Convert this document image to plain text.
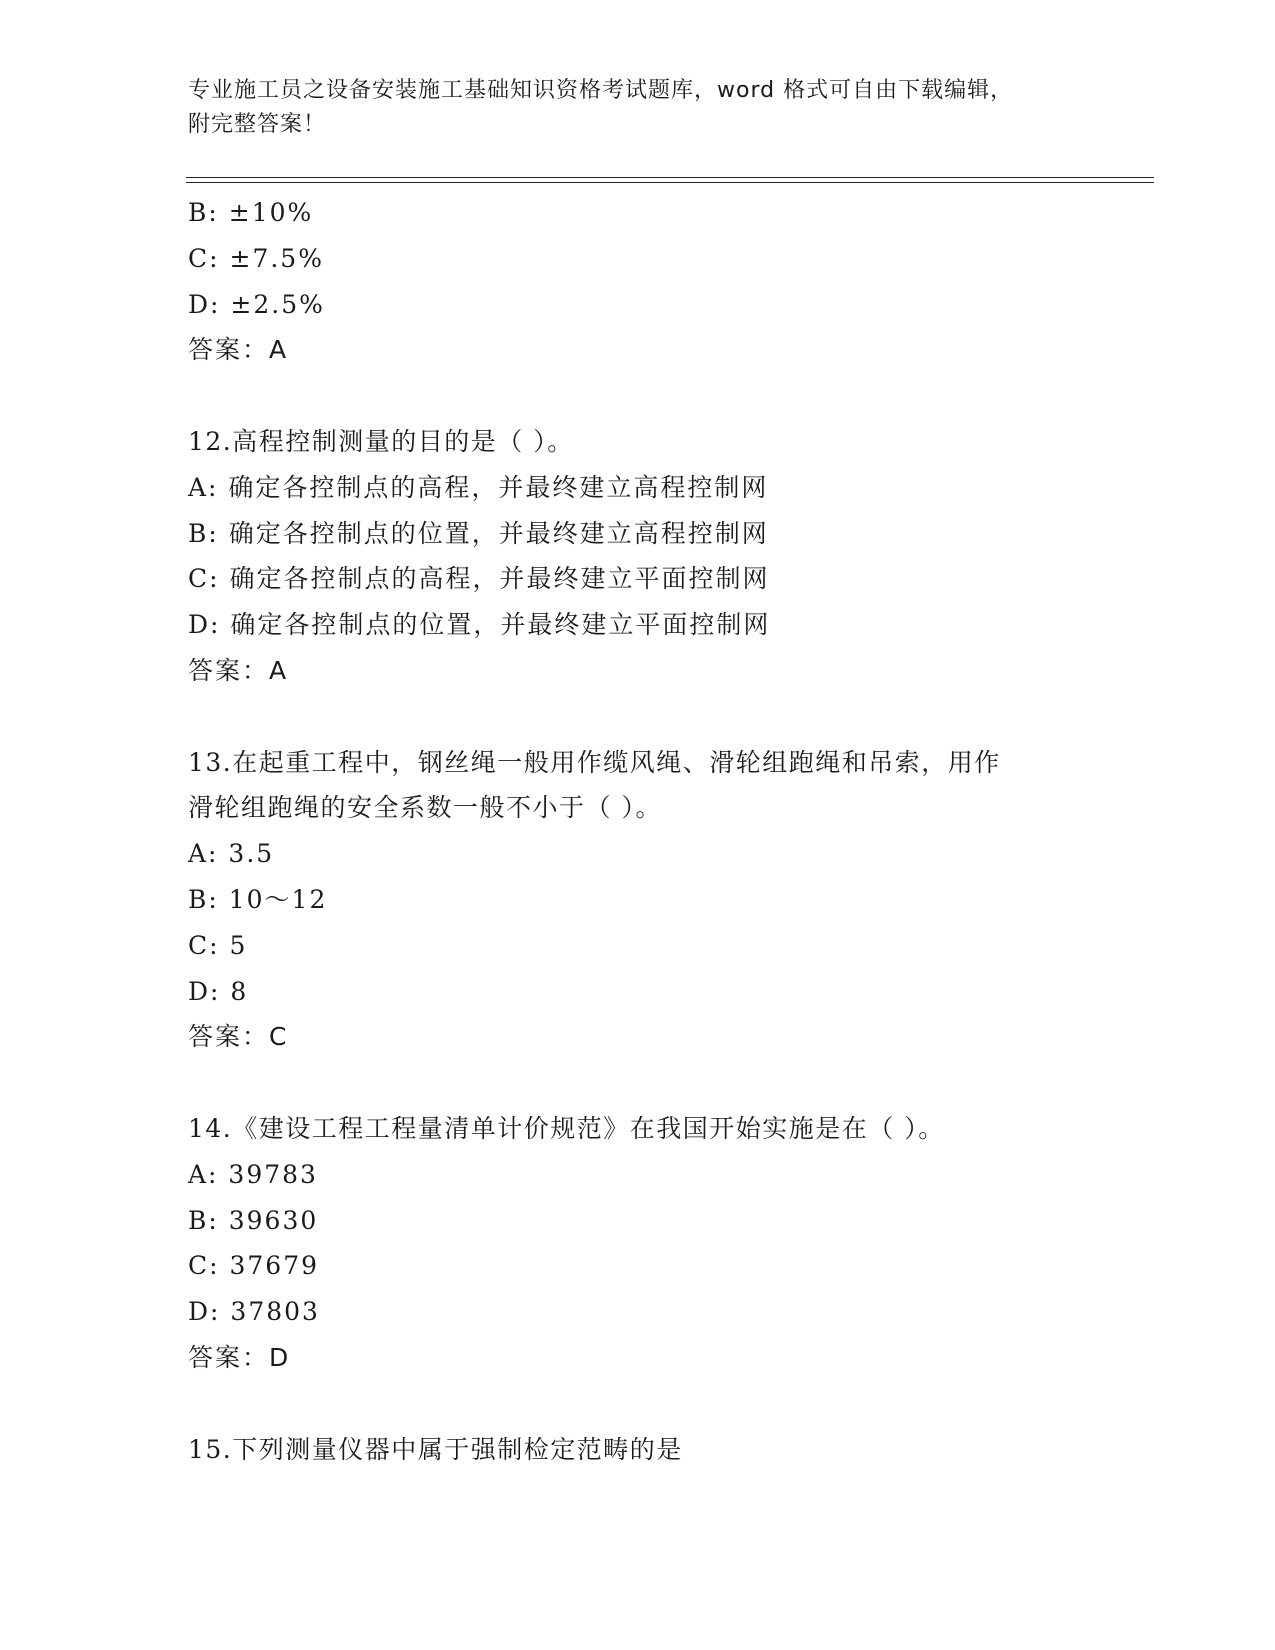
专业施工员之设备安装施工基础知识资格考试题库，word 格式可自由下载编辑，
附完整答案！
B: ±10%
C: ±7.5%
D: ±2.5%
答案：A
12.高程控制测量的目的是（ ）。
A: 确定各控制点的高程，并最终建立高程控制网
B: 确定各控制点的位置，并最终建立高程控制网
C: 确定各控制点的高程，并最终建立平面控制网
D: 确定各控制点的位置，并最终建立平面控制网
答案：A
13.在起重工程中，钢丝绳一般用作缆风绳、滑轮组跑绳和吊索，用作
滑轮组跑绳的安全系数一般不小于（ ）。
A: 3.5
B: 10～12
C: 5
D: 8
答案：C
14.《建设工程工程量清单计价规范》在我国开始实施是在（ ）。
A: 39783
B: 39630
C: 37679
D: 37803
答案：D
15.下列测量仪器中属于强制检定范畴的是
